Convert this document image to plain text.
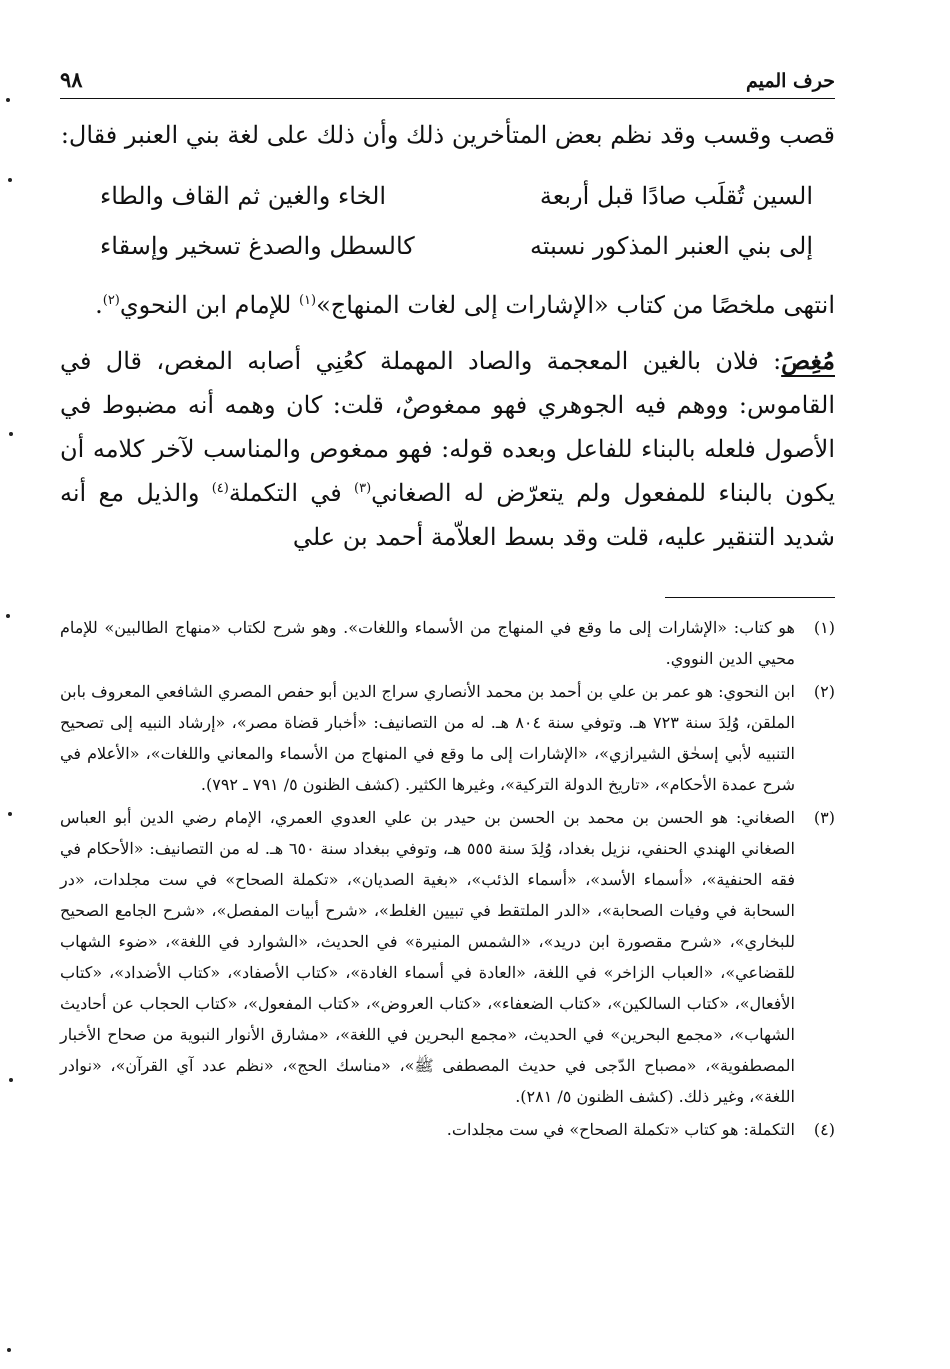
حرف الميم
٩٨

قصب وقسب وقد نظم بعض المتأخرين ذلك وأن ذلك على لغة بني العنبر فقال:

السين تُقلَب صادًا قبل أربعة
الخاء والغين ثم القاف والطاء
إلى بني العنبر المذكور نسبته
كالسطل والصدغ تسخير وإسقاء

انتهى ملخصًا من كتاب «الإشارات إلى لغات المنهاج»$^{(١)}$ للإمام ابن النحوي$^{(٢)}$.

مُغِصَ: فلان بالغين المعجمة والصاد المهملة كعُنِي أصابه المغص، قال في القاموس: ووهم فيه الجوهري فهو ممغوصٌ، قلت: كان وهمه أنه مضبوط في الأصول فلعله بالبناء للفاعل وبعده قوله: فهو ممغوص والمناسب لآخر كلامه أن يكون بالبناء للمفعول ولم يتعرّض له الصغاني$^{(٣)}$ في التكملة$^{(٤)}$ والذيل مع أنه شديد التنقير عليه، قلت وقد بسط العلاّمة أحمد بن علي

(١)
هو كتاب: «الإشارات إلى ما وقع في المنهاج من الأسماء واللغات». وهو شرح لكتاب «منهاج الطالبين» للإمام محيي الدين النووي.
(٢)
ابن النحوي: هو عمر بن علي بن أحمد بن محمد الأنصاري سراج الدين أبو حفص المصري الشافعي المعروف بابن الملقن، وُلِدَ سنة ٧٢٣ هـ. وتوفي سنة ٨٠٤ هـ. له من التصانيف: «أخبار قضاة مصر»، «إرشاد النبيه إلى تصحيح التنبيه لأبي إسحٰق الشيرازي»، «الإشارات إلى ما وقع في المنهاج من الأسماء والمعاني واللغات»، «الأعلام في شرح عمدة الأحكام»، «تاريخ الدولة التركية»، وغيرها الكثير. (كشف الظنون ٥/ ٧٩١ ـ ٧٩٢).
(٣)
الصغاني: هو الحسن بن محمد بن الحسن بن حيدر بن علي العدوي العمري، الإمام رضي الدين أبو العباس الصغاني الهندي الحنفي، نزيل بغداد، وُلِدَ سنة ٥٥٥ هـ، وتوفي ببغداد سنة ٦٥٠ هـ. له من التصانيف: «الأحكام في فقه الحنفية»، «أسماء الأسد»، «أسماء الذئب»، «بغية الصديان»، «تكملة الصحاح» في ست مجلدات، «در السحابة في وفيات الصحابة»، «الدر الملتقط في تبيين الغلط»، «شرح أبيات المفصل»، «شرح الجامع الصحيح للبخاري»، «شرح مقصورة ابن دريد»، «الشمس المنيرة» في الحديث، «الشوارد في اللغة»، «ضوء الشهاب للقضاعي»، «العباب الزاخر» في اللغة، «العادة في أسماء الغادة»، «كتاب الأصفاد»، «كتاب الأضداد»، «كتاب الأفعال»، «كتاب السالكين»، «كتاب الضعفاء»، «كتاب العروض»، «كتاب المفعول»، «كتاب الحجاب عن أحاديث الشهاب»، «مجمع البحرين» في الحديث، «مجمع البحرين في اللغة»، «مشارق الأنوار النبوية من صحاح الأخبار المصطفوية»، «مصباح الدّجى في حديث المصطفى ﷺ»، «مناسك الحج»، «نظم عدد آي القرآن»، «نوادر اللغة»، وغير ذلك. (كشف الظنون ٥/ ٢٨١).
(٤)
التكملة: هو كتاب «تكملة الصحاح» في ست مجلدات.
